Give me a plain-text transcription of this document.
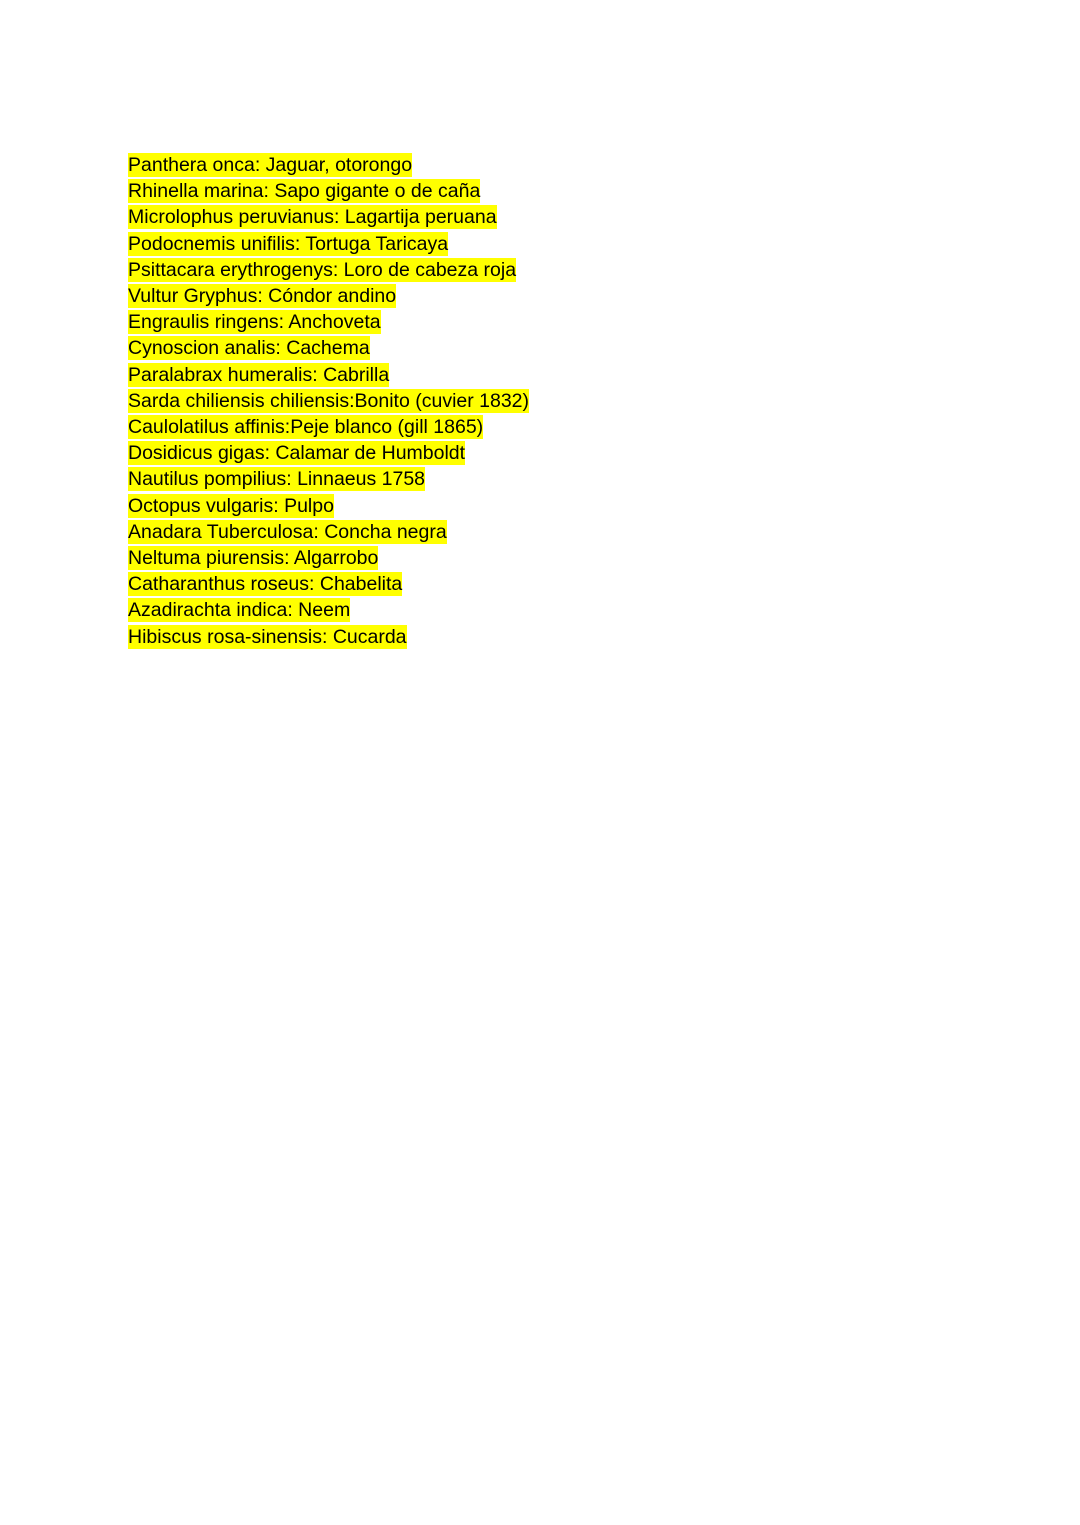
Panthera onca: Jaguar, otorongo

Rhinella marina: Sapo gigante o de caña

Microlophus peruvianus: Lagartija peruana

Podocnemis unifilis: Tortuga Taricaya

Psittacara erythrogenys: Loro de cabeza roja

Vultur Gryphus: Cóndor andino

Engraulis ringens: Anchoveta

Cynoscion analis: Cachema

Paralabrax humeralis: Cabrilla

Sarda chiliensis chiliensis:Bonito (cuvier 1832)

Caulolatilus affinis:Peje blanco (gill 1865)

Dosidicus gigas: Calamar de Humboldt

Nautilus pompilius: Linnaeus 1758

Octopus vulgaris: Pulpo

Anadara Tuberculosa: Concha negra

Neltuma piurensis: Algarrobo

Catharanthus roseus: Chabelita

Azadirachta indica: Neem

Hibiscus rosa-sinensis: Cucarda
